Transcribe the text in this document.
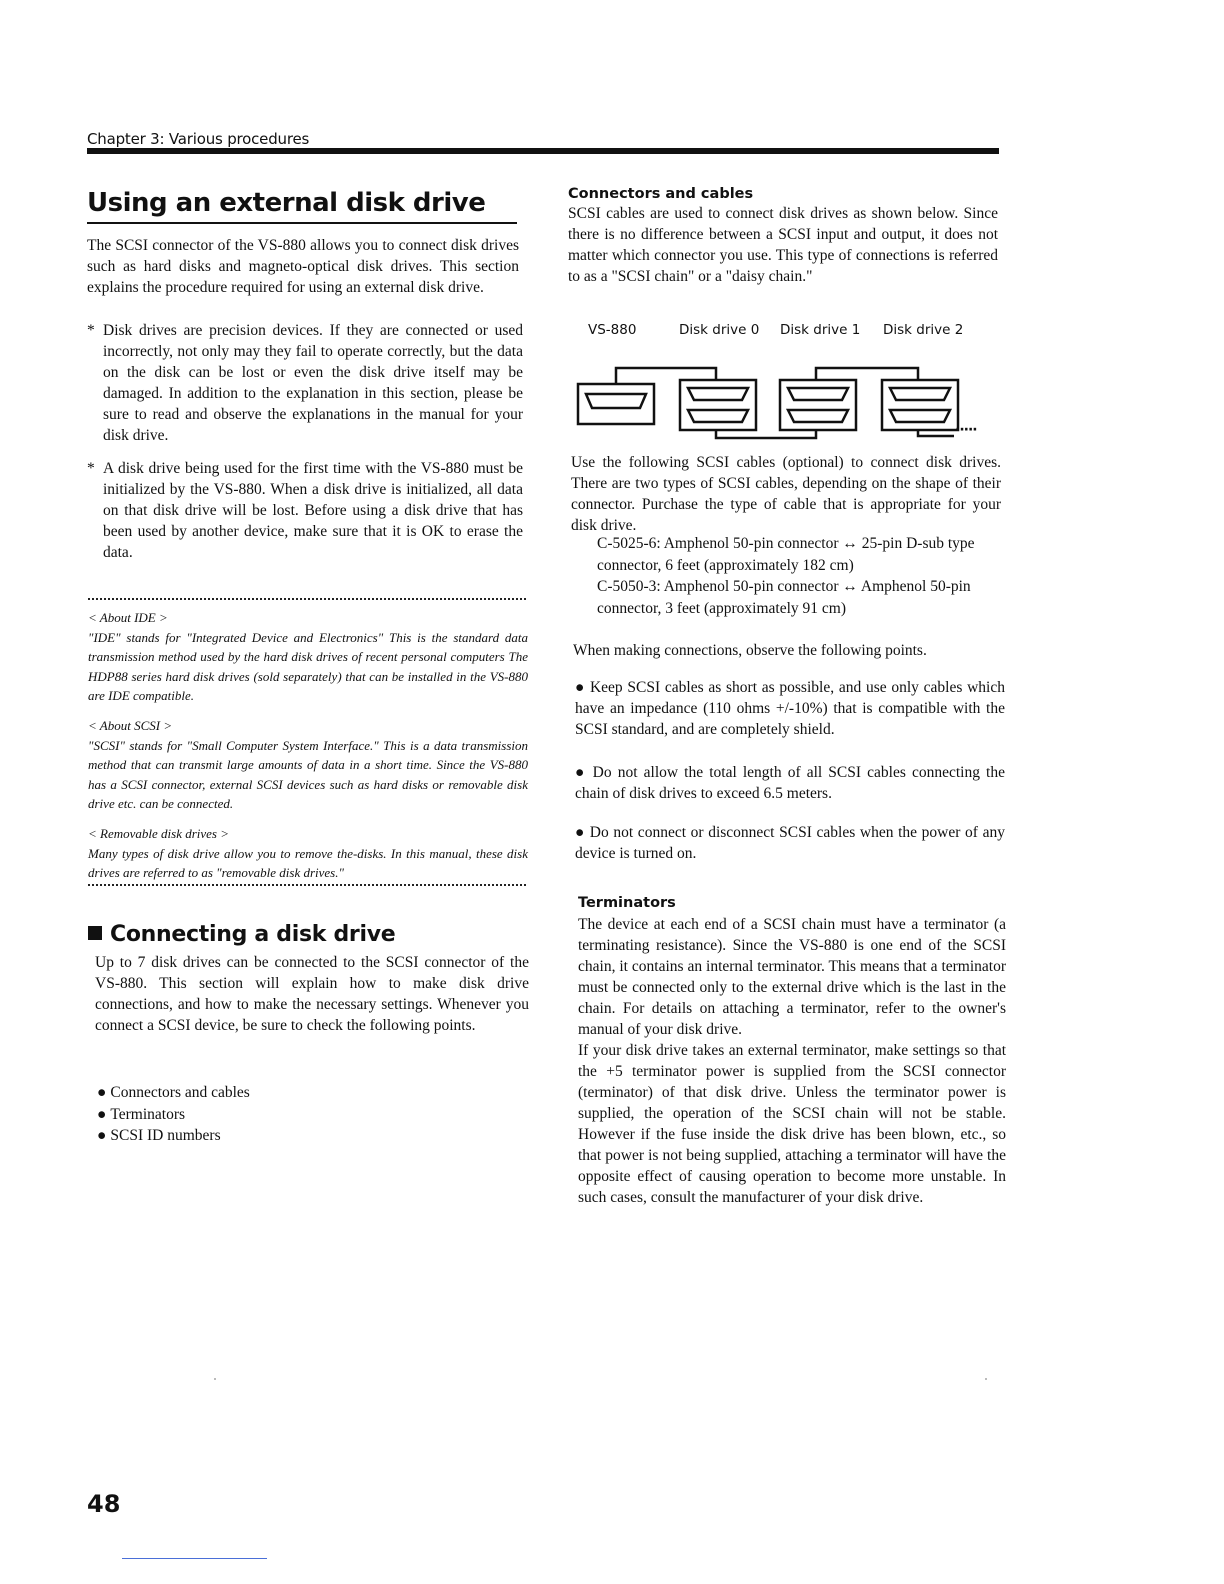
Chapter 3: Various procedures
Using an external disk drive
The SCSI connector of the VS-880 allows you to connect disk drives such as hard disks and magneto-optical disk drives. This section explains the procedure required for using an external disk drive.

* Disk drives are precision devices. If they are connected or used incorrectly, not only may they fail to operate correctly, but the data on the disk can be lost or even the disk drive itself may be damaged. In addition to the explanation in this section, please be sure to read and observe the explanations in the manual for your disk drive.

* A disk drive being used for the first time with the VS-880 must be initialized by the VS-880. When a disk drive is initialized, all data on that disk drive will be lost. Before using a disk drive that has been used by another device, make sure that it is OK to erase the data.

< About IDE >
"IDE" stands for "Integrated Device and Electronics" This is the standard data transmission method used by the hard disk drives of recent personal computers The HDP88 series hard disk drives (sold separately) that can be installed in the VS-880 are IDE compatible.
< About SCSI >
"SCSI" stands for "Small Computer System Interface." This is a data transmission method that can transmit large amounts of data in a short time. Since the VS-880 has a SCSI connector, external SCSI devices such as hard disks or removable disk drive etc. can be connected.
< Removable disk drives >
Many types of disk drive allow you to remove the-disks. In this manual, these disk drives are referred to as "removable disk drives."
Connecting a disk drive
Up to 7 disk drives can be connected to the SCSI connector of the VS-880. This section will explain how to make disk drive connections, and how to make the necessary settings. Whenever you connect a SCSI device, be sure to check the following points.
● Connectors and cables
● Terminators
● SCSI ID numbers
Connectors and cables
SCSI cables are used to connect disk drives as shown below. Since there is no difference between a SCSI input and output, it does not matter which connector you use. This type of connections is referred to as a "SCSI chain" or a "daisy chain."
VS-880	Disk drive 0 Disk drive 1 Disk drive 2
·····
Use the following SCSI cables (optional) to connect disk drives. There are two types of SCSI cables, depending on the shape of their connector. Purchase the type of cable that is appropriate for your disk drive.
C-5025-6: Amphenol 50-pin connector ↔ 25-pin D-sub type connector, 6 feet (approximately 182 cm)
C-5050-3: Amphenol 50-pin connector ↔ Amphenol 50-pin connector, 3 feet (approximately 91 cm)
When making connections, observe the following points.
● Keep SCSI cables as short as possible, and use only cables which have an impedance (110 ohms +/-10%) that is compatible with the SCSI standard, and are completely shield.
● Do not allow the total length of all SCSI cables connecting the chain of disk drives to exceed 6.5 meters.
● Do not connect or disconnect SCSI cables when the power of any device is turned on.
Terminators

The device at each end of a SCSI chain must have a terminator (a terminating resistance). Since the VS-880 is one end of the SCSI chain, it contains an internal terminator. This means that a terminator must be connected only to the external drive which is the last in the chain. For details on attaching a terminator, refer to the owner's manual of your disk drive.

If your disk drive takes an external terminator, make settings so that the +5 terminator power is supplied from the SCSI connector (terminator) of that disk drive. Unless the terminator power is supplied, the operation of the SCSI chain will not be stable. However if the fuse inside the disk drive has been blown, etc., so that power is not being supplied, attaching a terminator will have the opposite effect of causing operation to become more unstable. In such cases, consult the manufacturer of your disk drive.

48
